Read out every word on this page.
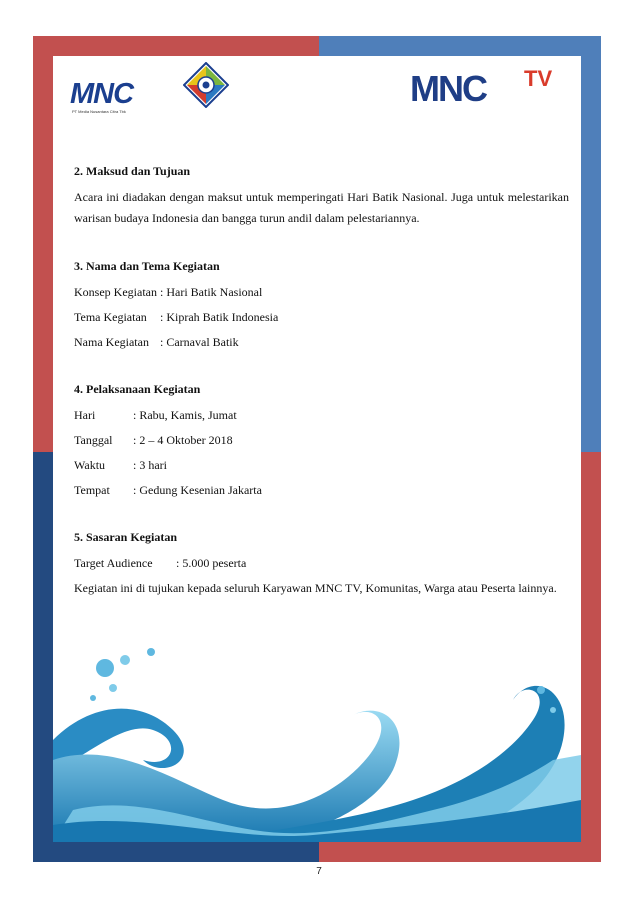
MNC
PT Media Nusantara Citra Tbk
MNC TV

2. Maksud dan Tujuan

Acara ini diadakan dengan maksut untuk memperingati Hari Batik Nasional. Juga untuk melestarikan

warisan budaya Indonesia dan bangga turun andil dalam pelestariannya.

3. Nama dan Tema Kegiatan

Konsep Kegiatan : Hari Batik Nasional
Tema Kegiatan	: Kiprah Batik Indonesia
Nama Kegiatan : Carnaval Batik

4. Pelaksanaan Kegiatan

Hari	: Rabu, Kamis, Jumat
Tanggal	: 2 – 4 Oktober 2018
Waktu	: 3 hari
Tempat	: Gedung Kesenian Jakarta

5. Sasaran Kegiatan

Target Audience	: 5.000 peserta

Kegiatan ini di tujukan kepada seluruh Karyawan MNC TV, Komunitas, Warga atau Peserta lainnya.

7
